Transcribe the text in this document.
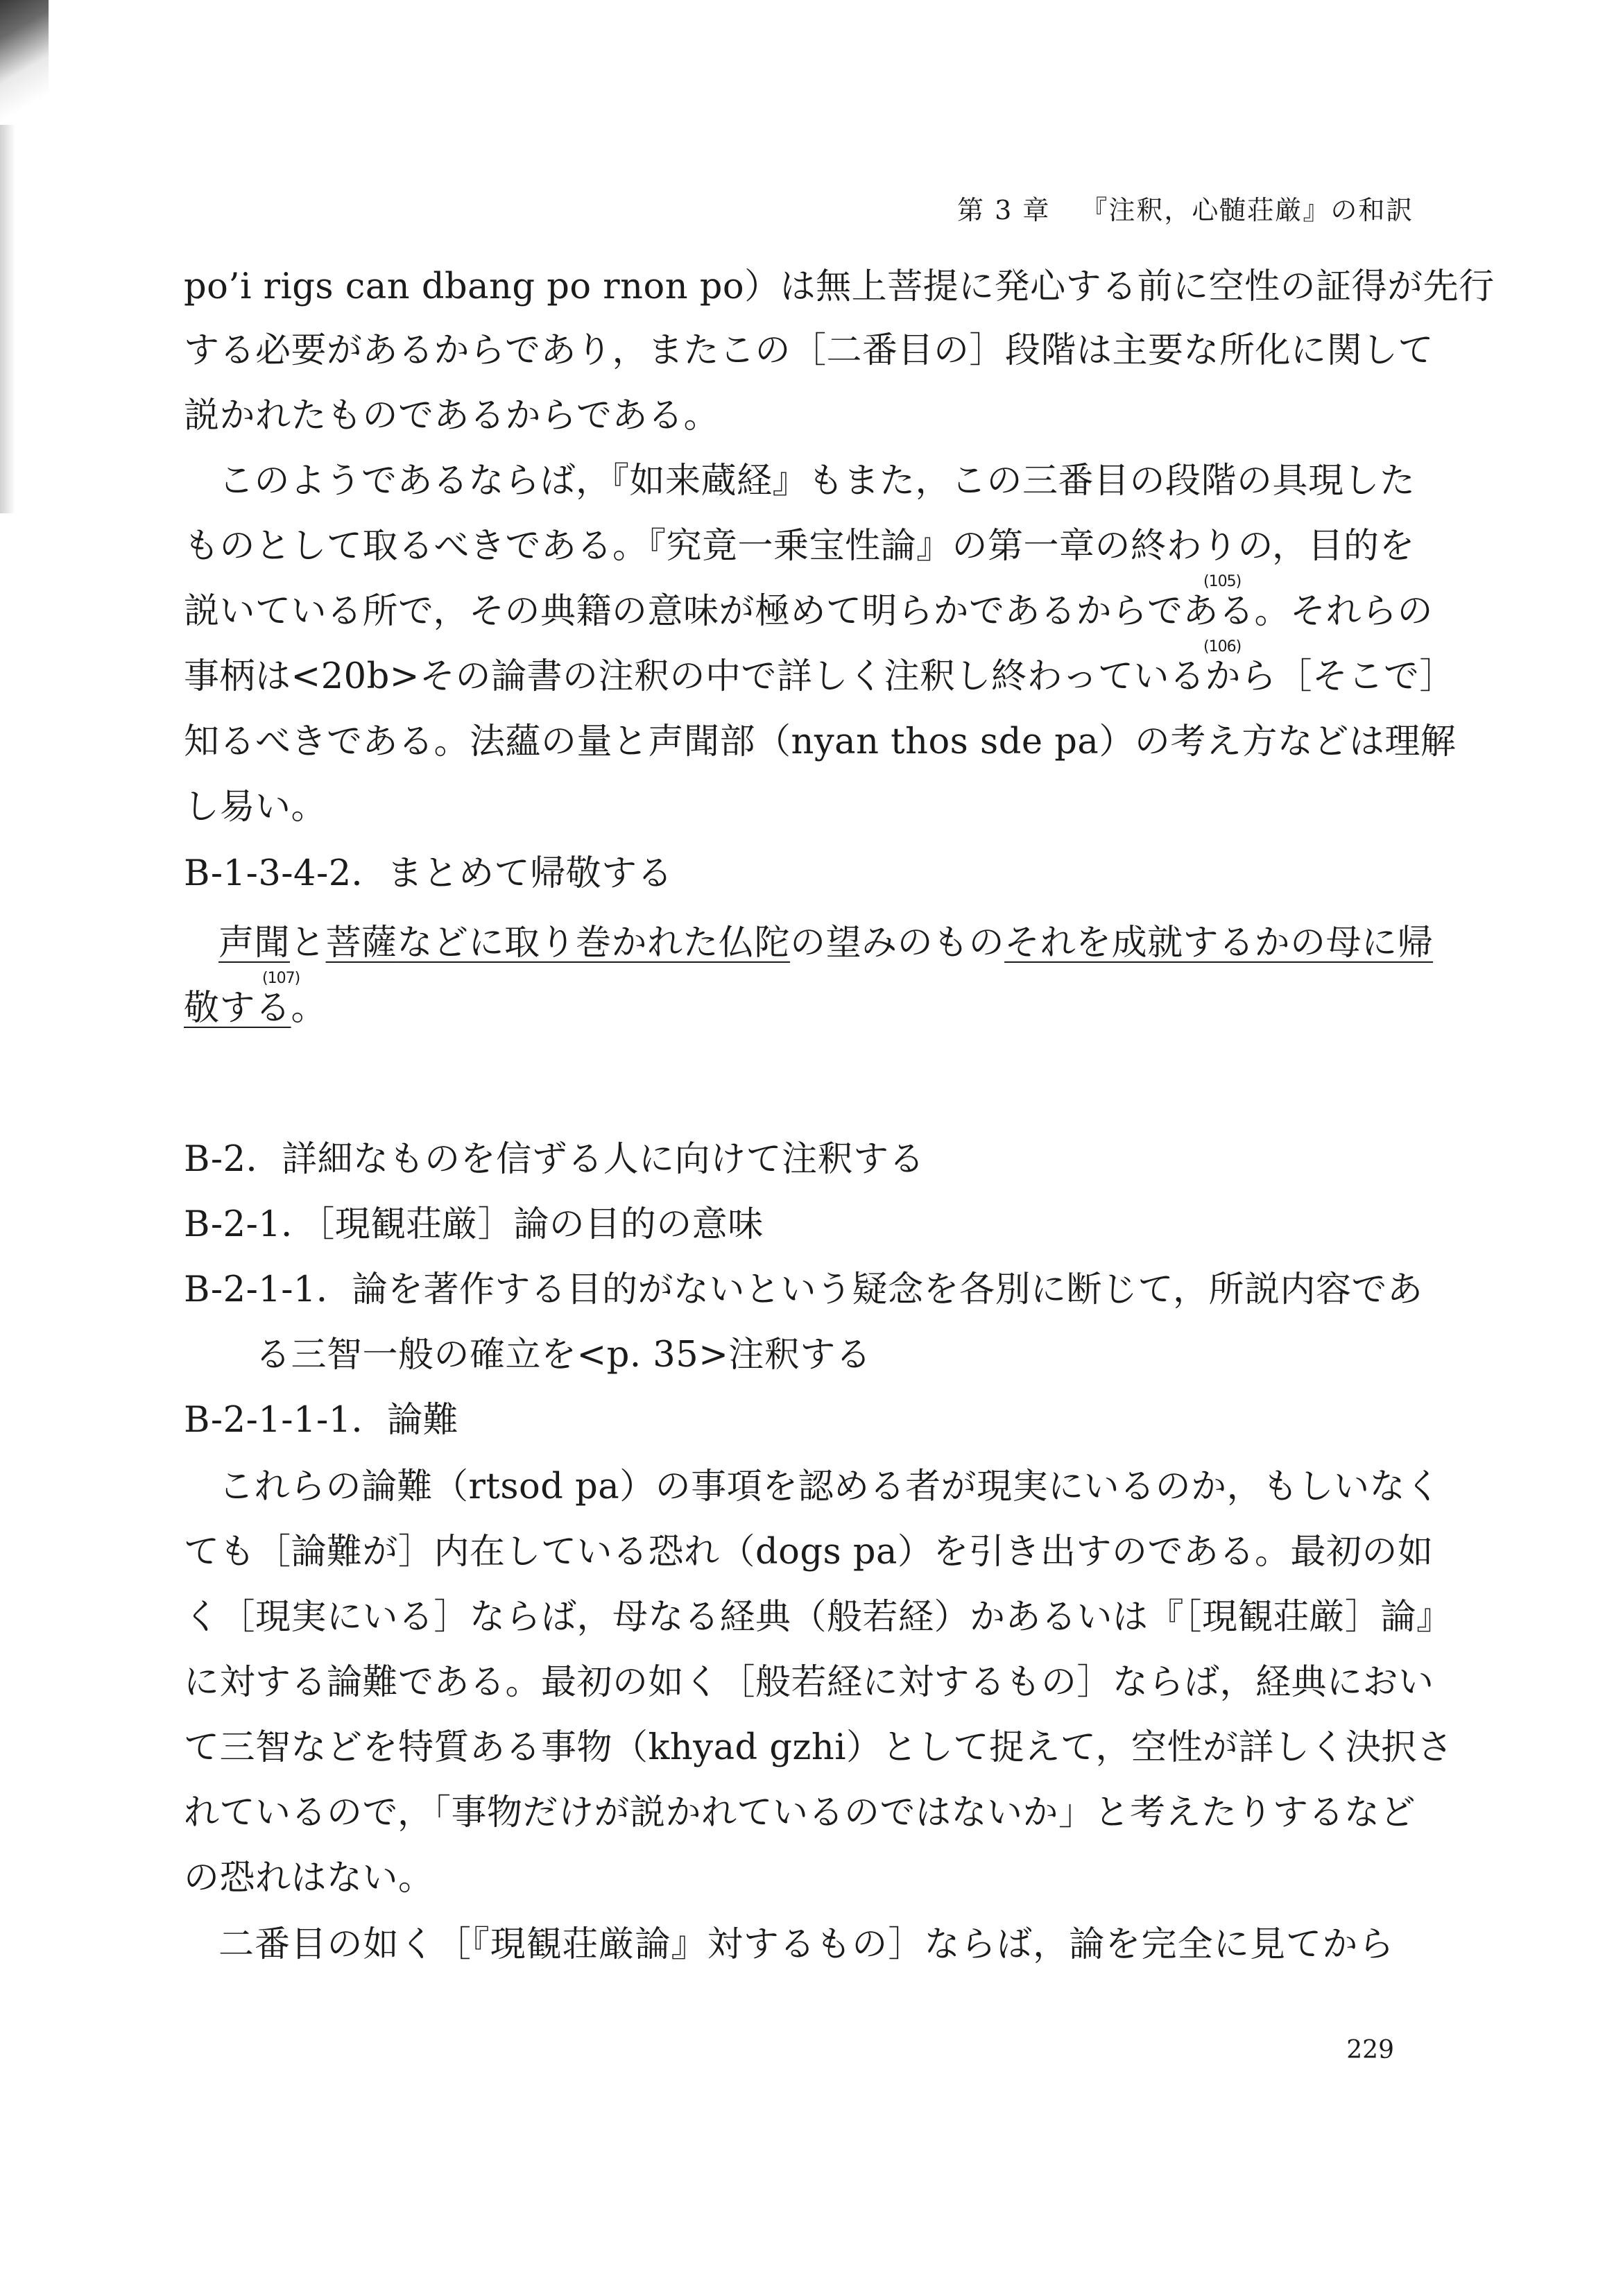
第 3 章 『注釈，心髄荘厳』の和訳
po’i rigs can dbang po rnon po）は無上菩提に発心する前に空性の証得が先行
する必要があるからであり，またこの［二番目の］段階は主要な所化に関して
説かれたものであるからである。
このようであるならば，『如来蔵経』もまた，この三番目の段階の具現した
ものとして取るべきである。『究竟一乗宝性論』の第一章の終わりの，目的を
(105)
説いている所で，その典籍の意味が極めて明らかであるからである。それらの
(106)
事柄は<20b>その論書の注釈の中で詳しく注釈し終わっているから［そこで］
知るべきである。法蘊の量と声聞部（nyan thos sde pa）の考え方などは理解
し易い。
B-1-3-4-2．まとめて帰敬する
声聞と菩薩などに取り巻かれた仏陀の望みのものそれを成就するかの母に帰
(107)
敬する。
B-2．詳細なものを信ずる人に向けて注釈する
B-2-1．［現観荘厳］論の目的の意味
B-2-1-1．論を著作する目的がないという疑念を各別に断じて，所説内容であ
る三智一般の確立を<p. 35>注釈する
B-2-1-1-1．論難
これらの論難（rtsod pa）の事項を認める者が現実にいるのか，もしいなく
ても［論難が］内在している恐れ（dogs pa）を引き出すのである。最初の如
く［現実にいる］ならば，母なる経典（般若経）かあるいは『［現観荘厳］論』
に対する論難である。最初の如く［般若経に対するもの］ならば，経典におい
て三智などを特質ある事物（khyad gzhi）として捉えて，空性が詳しく決択さ
れているので，「事物だけが説かれているのではないか」と考えたりするなど
の恐れはない。
二番目の如く［『現観荘厳論』対するもの］ならば，論を完全に見てから
229
